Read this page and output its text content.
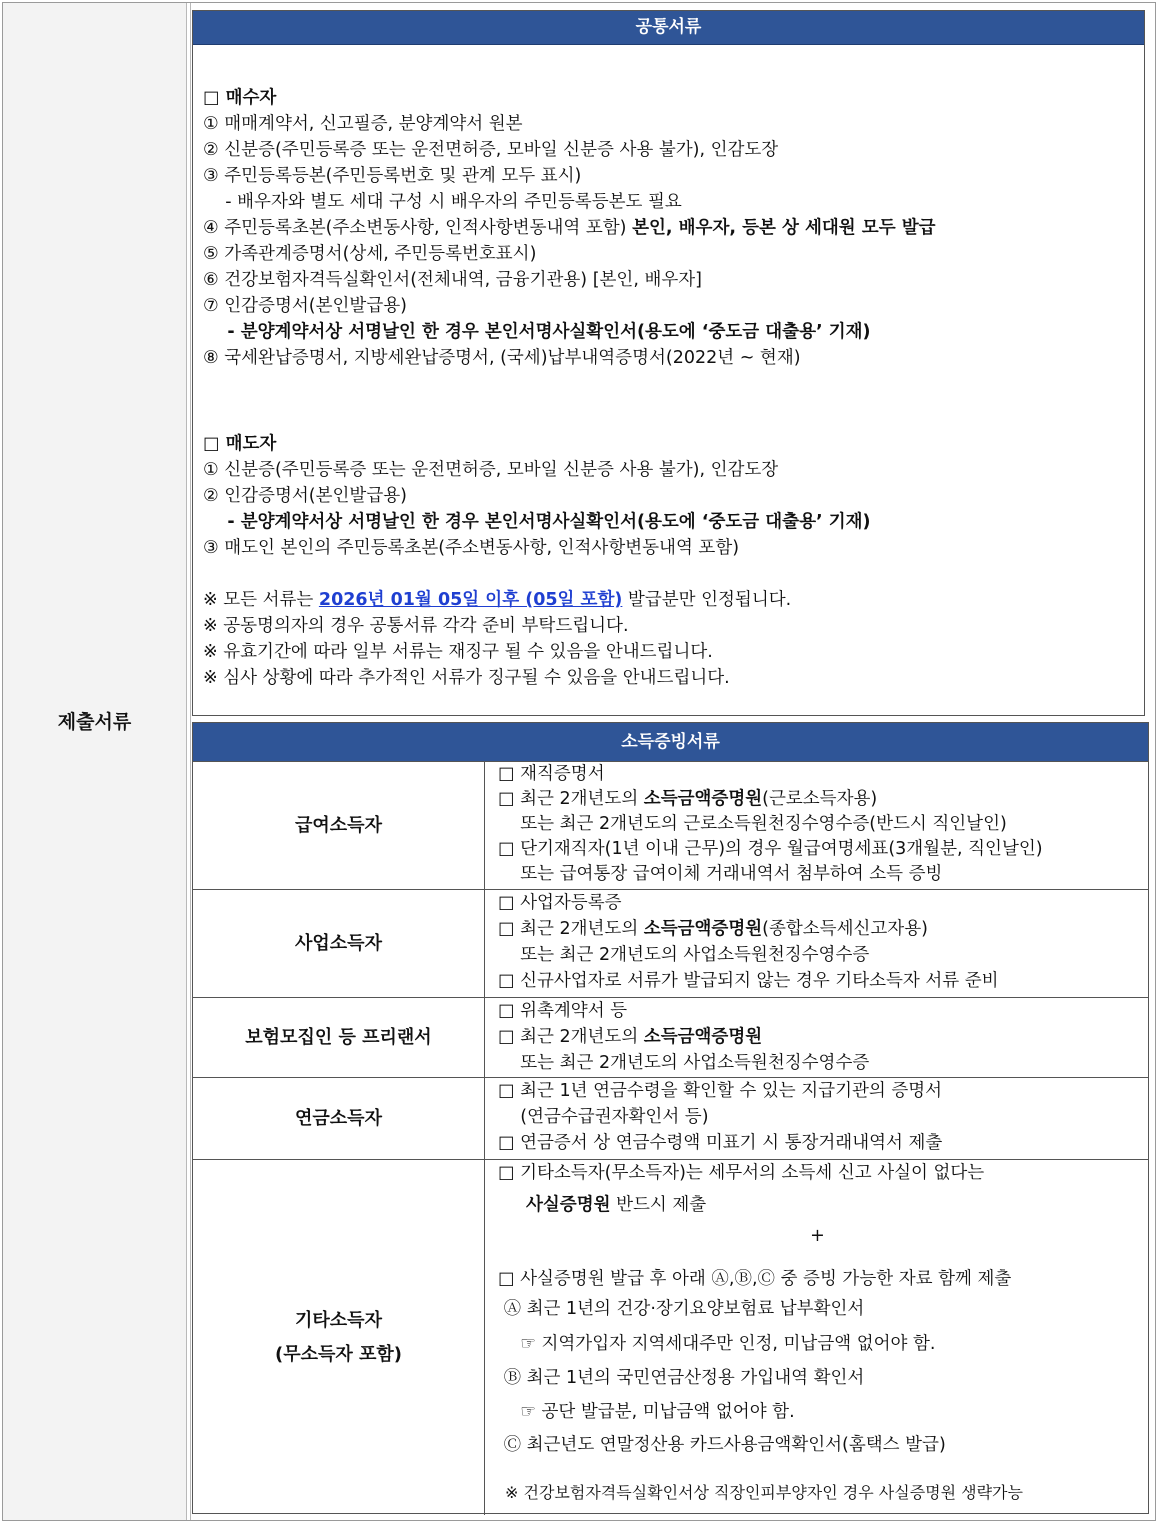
제출서류
공통서류
□ 매수자
① 매매계약서, 신고필증, 분양계약서 원본
② 신분증(주민등록증 또는 운전면허증, 모바일 신분증 사용 불가), 인감도장
③ 주민등록등본(주민등록번호 및 관계 모두 표시)
- 배우자와 별도 세대 구성 시 배우자의 주민등록등본도 필요
④ 주민등록초본(주소변동사항, 인적사항변동내역 포함) 본인, 배우자, 등본 상 세대원 모두 발급
⑤ 가족관계증명서(상세, 주민등록번호표시)
⑥ 건강보험자격득실확인서(전체내역, 금융기관용) [본인, 배우자]
⑦ 인감증명서(본인발급용)
- 분양계약서상 서명날인 한 경우 본인서명사실확인서(용도에 ‘중도금 대출용’ 기재)
⑧ 국세완납증명서, 지방세완납증명서, (국세)납부내역증명서(2022년 ~ 현재)
□ 매도자
① 신분증(주민등록증 또는 운전면허증, 모바일 신분증 사용 불가), 인감도장
② 인감증명서(본인발급용)
- 분양계약서상 서명날인 한 경우 본인서명사실확인서(용도에 ‘중도금 대출용’ 기재)
③ 매도인 본인의 주민등록초본(주소변동사항, 인적사항변동내역 포함)
※ 모든 서류는 2026년 01월 05일 이후 (05일 포함) 발급분만 인정됩니다.
※ 공동명의자의 경우 공통서류 각각 준비 부탁드립니다.
※ 유효기간에 따라 일부 서류는 재징구 될 수 있음을 안내드립니다.
※ 심사 상황에 따라 추가적인 서류가 징구될 수 있음을 안내드립니다.
소득증빙서류
급여소득자
□ 재직증명서
□ 최근 2개년도의 소득금액증명원(근로소득자용)
또는 최근 2개년도의 근로소득원천징수영수증(반드시 직인날인)
□ 단기재직자(1년 이내 근무)의 경우 월급여명세표(3개월분, 직인날인)
또는 급여통장 급여이체 거래내역서 첨부하여 소득 증빙
사업소득자
□ 사업자등록증
□ 최근 2개년도의 소득금액증명원(종합소득세신고자용)
또는 최근 2개년도의 사업소득원천징수영수증
□ 신규사업자로 서류가 발급되지 않는 경우 기타소득자 서류 준비
보험모집인 등 프리랜서
□ 위촉계약서 등
□ 최근 2개년도의 소득금액증명원
또는 최근 2개년도의 사업소득원천징수영수증
연금소득자
□ 최근 1년 연금수령을 확인할 수 있는 지급기관의 증명서
(연금수급권자확인서 등)
□ 연금증서 상 연금수령액 미표기 시 통장거래내역서 제출
기타소득자
(무소득자 포함)
□ 기타소득자(무소득자)는 세무서의 소득세 신고 사실이 없다는
사실증명원 반드시 제출
+
□ 사실증명원 발급 후 아래 Ⓐ,Ⓑ,Ⓒ 중 증빙 가능한 자료 함께 제출
Ⓐ 최근 1년의 건강·장기요양보험료 납부확인서
☞ 지역가입자 지역세대주만 인정, 미납금액 없어야 함.
Ⓑ 최근 1년의 국민연금산정용 가입내역 확인서
☞ 공단 발급분, 미납금액 없어야 함.
Ⓒ 최근년도 연말정산용 카드사용금액확인서(홈택스 발급)
※ 건강보험자격득실확인서상 직장인피부양자인 경우 사실증명원 생략가능
